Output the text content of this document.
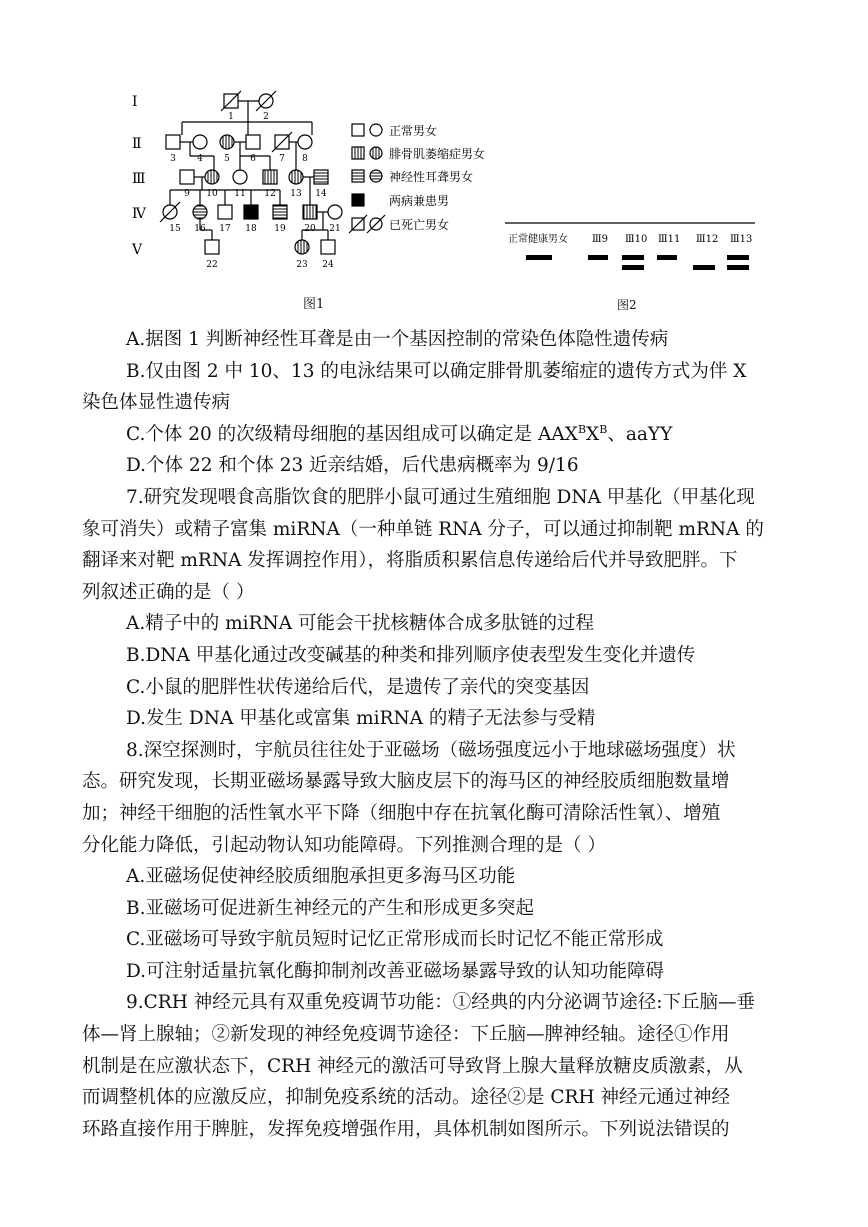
I
Ⅱ
Ⅲ
Ⅳ
Ⅴ
1	2
3 4 5 6	7 8
9 10 11 12 13 14
15 16 17 18 19 20 21
22	23 24
正常男女
腓骨肌萎缩症男女
神经性耳聋男女
两病兼患男
已死亡男女
图1
正常健康男女 Ⅲ9 Ⅲ10 Ⅲ11 Ⅲ12 Ⅲ13
图2
A.据图 1 判断神经性耳聋是由一个基因控制的常染色体隐性遗传病
B.仅由图 2 中 10、13 的电泳结果可以确定腓骨肌萎缩症的遗传方式为伴 X
染色体显性遗传病
C.个体 20 的次级精母细胞的基因组成可以确定是 $AAX^BX^B$、aaYY
D.个体 22 和个体 23 近亲结婚，后代患病概率为 9/16
7.研究发现喂食高脂饮食的肥胖小鼠可通过生殖细胞 DNA 甲基化（甲基化现
象可消失）或精子富集 miRNA（一种单链 RNA 分子，可以通过抑制靶 mRNA 的
翻译来对靶 mRNA 发挥调控作用），将脂质积累信息传递给后代并导致肥胖。下
列叙述正确的是（ ）
A.精子中的 miRNA 可能会干扰核糖体合成多肽链的过程
B.DNA 甲基化通过改变碱基的种类和排列顺序使表型发生变化并遗传
C.小鼠的肥胖性状传递给后代，是遗传了亲代的突变基因
D.发生 DNA 甲基化或富集 miRNA 的精子无法参与受精
8.深空探测时，宇航员往往处于亚磁场（磁场强度远小于地球磁场强度）状
态。研究发现，长期亚磁场暴露导致大脑皮层下的海马区的神经胶质细胞数量增
加；神经干细胞的活性氧水平下降（细胞中存在抗氧化酶可清除活性氧）、增殖
分化能力降低，引起动物认知功能障碍。下列推测合理的是（ ）
A.亚磁场促使神经胶质细胞承担更多海马区功能
B.亚磁场可促进新生神经元的产生和形成更多突起
C.亚磁场可导致宇航员短时记忆正常形成而长时记忆不能正常形成
D.可注射适量抗氧化酶抑制剂改善亚磁场暴露导致的认知功能障碍
9.CRH 神经元具有双重免疫调节功能：①经典的内分泌调节途径:下丘脑—垂
体—肾上腺轴；②新发现的神经免疫调节途径：下丘脑—脾神经轴。途径①作用
机制是在应激状态下，CRH 神经元的激活可导致肾上腺大量释放糖皮质激素，从
而调整机体的应激反应，抑制免疫系统的活动。途径②是 CRH 神经元通过神经
环路直接作用于脾脏，发挥免疫增强作用，具体机制如图所示。下列说法错误的
